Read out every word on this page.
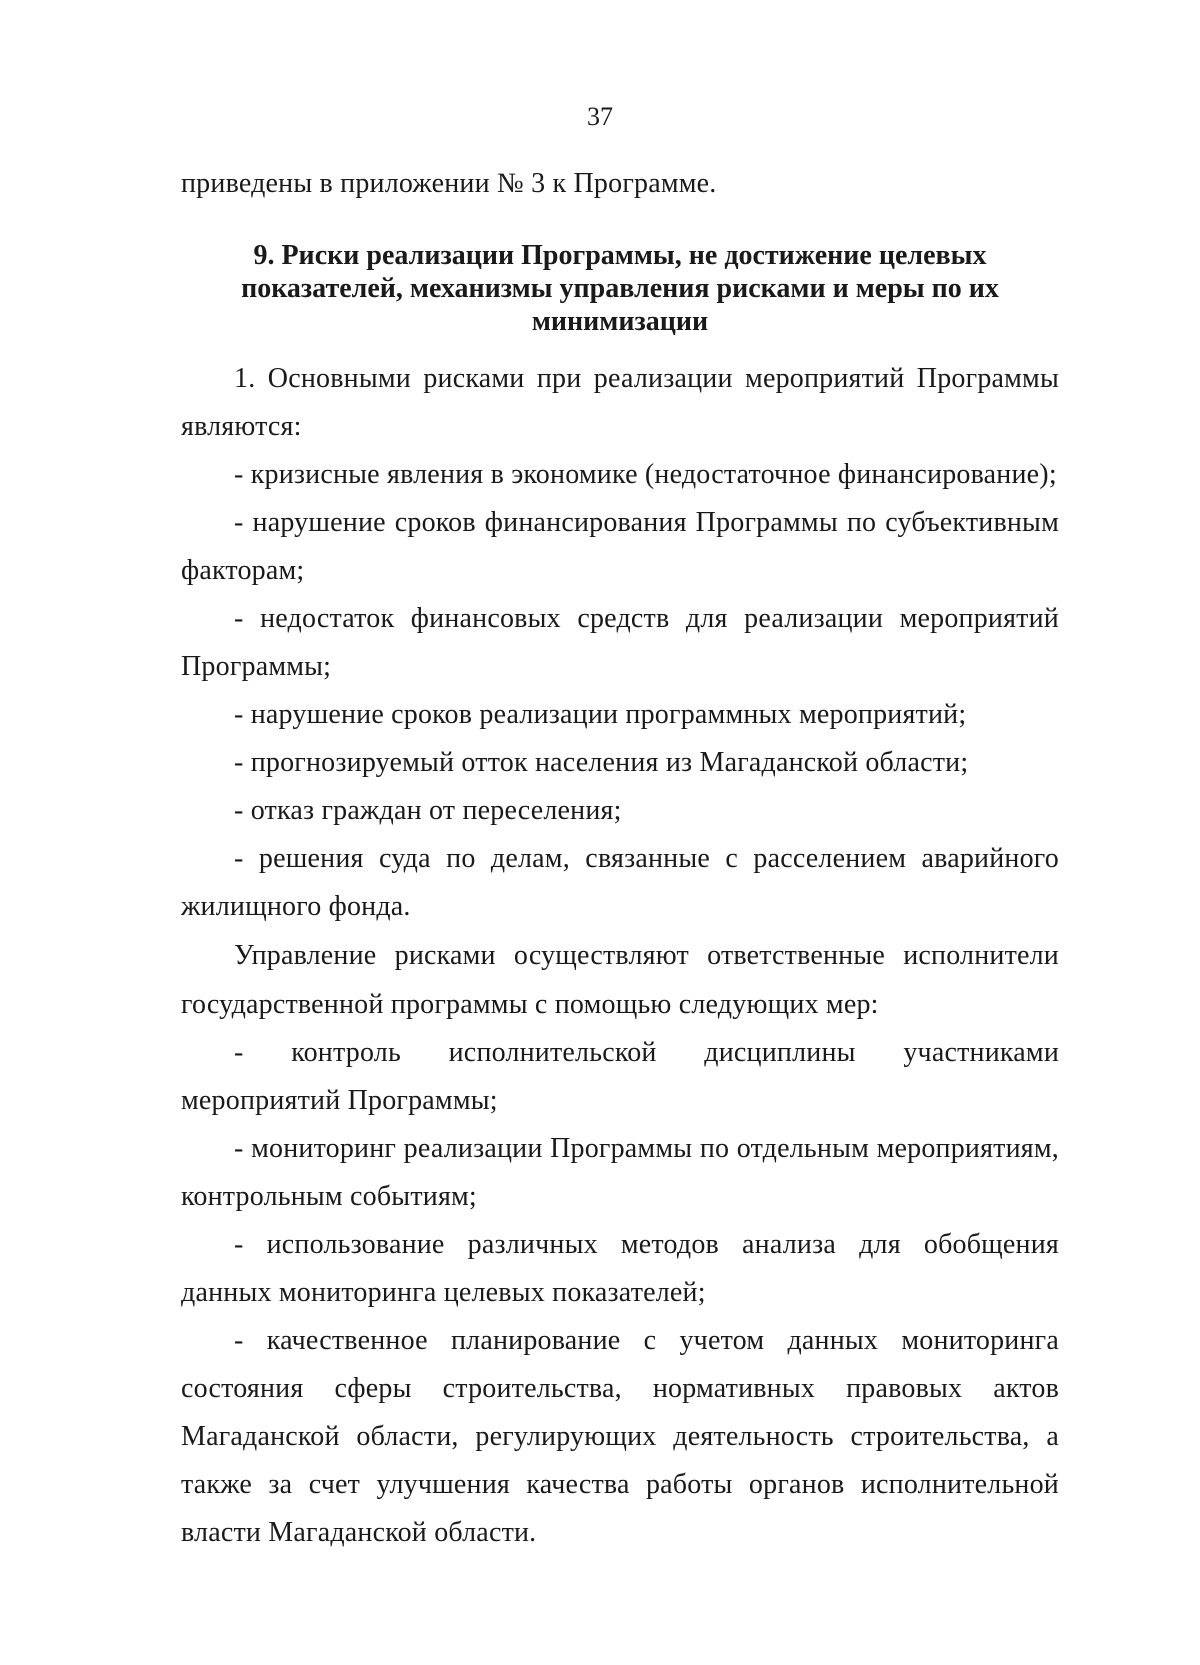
37
приведены в приложении № 3 к Программе.
9. Риски реализации Программы, не достижение целевых
показателей, механизмы управления рисками и меры по их
минимизации

1. Основными рисками при реализации мероприятий Программы являются:

- кризисные явления в экономике (недостаточное финансирование);

- нарушение сроков финансирования Программы по субъективным факторам;

- недостаток финансовых средств для реализации мероприятий Программы;

- нарушение сроков реализации программных мероприятий;

- прогнозируемый отток населения из Магаданской области;

- отказ граждан от переселения;

- решения суда по делам, связанные с расселением аварийного жилищного фонда.

Управление рисками осуществляют ответственные исполнители государственной программы с помощью следующих мер:

- контроль исполнительской дисциплины участниками мероприятий Программы;

- мониторинг реализации Программы по отдельным мероприятиям, контрольным событиям;

- использование различных методов анализа для обобщения данных мониторинга целевых показателей;

- качественное планирование с учетом данных мониторинга состояния сферы строительства, нормативных правовых актов Магаданской области, регулирующих деятельность строительства, а также за счет улучшения качества работы органов исполнительной власти Магаданской области.
